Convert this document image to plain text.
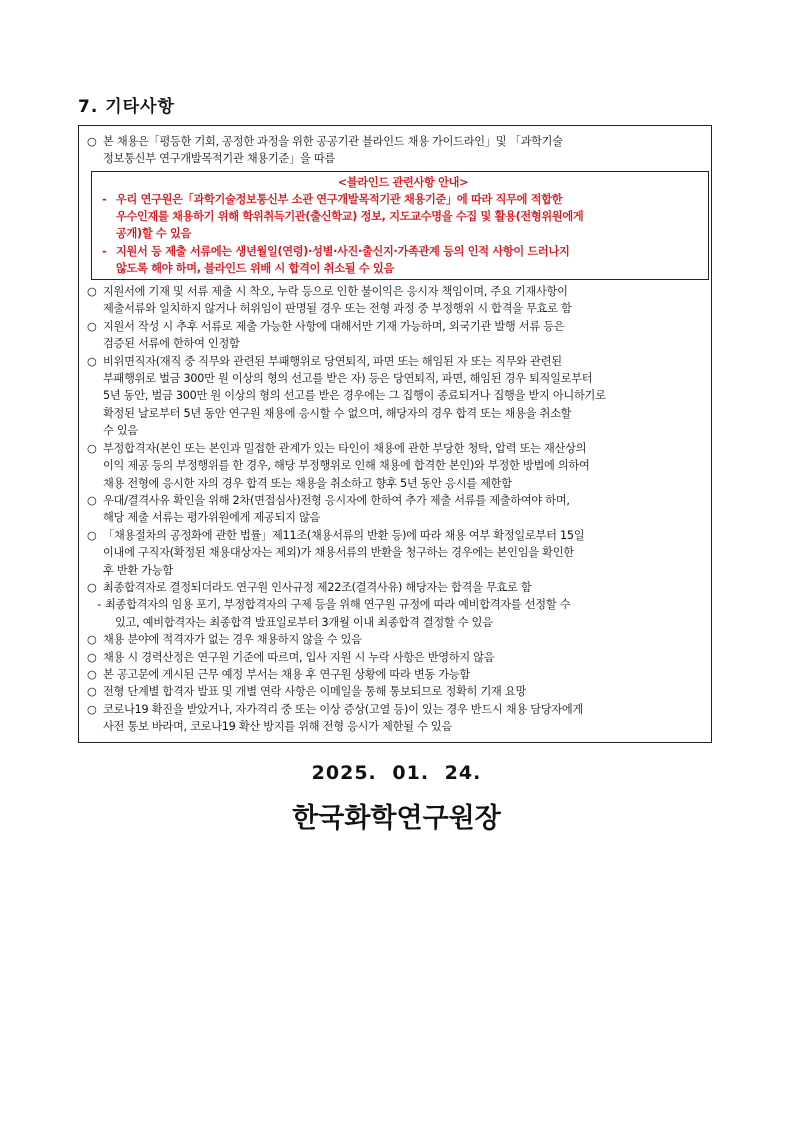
7. 기타사항
○ 본 채용은「평등한 기회, 공정한 과정을 위한 공공기관 블라인드 채용 가이드라인」및 「과학기술
정보통신부 연구개발목적기관 채용기준」을 따름
<블라인드 관련사항 안내>
- 우리 연구원은「과학기술정보통신부 소관 연구개발목적기관 채용기준」에 따라 직무에 적합한
우수인재를 채용하기 위해 학위취득기관(출신학교) 정보, 지도교수명을 수집 및 활용(전형위원에게
공개)할 수 있음
- 지원서 등 제출 서류에는 생년월일(연령)·성별·사진·출신지·가족관계 등의 인적 사항이 드러나지
않도록 해야 하며, 블라인드 위배 시 합격이 취소될 수 있음
○ 지원서에 기재 및 서류 제출 시 착오, 누락 등으로 인한 불이익은 응시자 책임이며, 주요 기재사항이
제출서류와 일치하지 않거나 허위임이 판명될 경우 또는 전형 과정 중 부정행위 시 합격을 무효로 함
○ 지원서 작성 시 추후 서류로 제출 가능한 사항에 대해서만 기재 가능하며, 외국기관 발행 서류 등은
검증된 서류에 한하여 인정함
○ 비위면직자(재직 중 직무와 관련된 부패행위로 당연퇴직, 파면 또는 해임된 자 또는 직무와 관련된
부패행위로 벌금 300만 원 이상의 형의 선고를 받은 자) 등은 당연퇴직, 파면, 해임된 경우 퇴직일로부터
5년 동안, 벌금 300만 원 이상의 형의 선고를 받은 경우에는 그 집행이 종료되거나 집행을 받지 아니하기로
확정된 날로부터 5년 동안 연구원 채용에 응시할 수 없으며, 해당자의 경우 합격 또는 채용을 취소할
수 있음
○ 부정합격자(본인 또는 본인과 밀접한 관계가 있는 타인이 채용에 관한 부당한 청탁, 압력 또는 재산상의
이익 제공 등의 부정행위를 한 경우, 해당 부정행위로 인해 채용에 합격한 본인)와 부정한 방법에 의하여
채용 전형에 응시한 자의 경우 합격 또는 채용을 취소하고 향후 5년 동안 응시를 제한함
○ 우대/결격사유 확인을 위해 2차(면접심사)전형 응시자에 한하여 추가 제출 서류를 제출하여야 하며,
해당 제출 서류는 평가위원에게 제공되지 않음
○ 「채용절차의 공정화에 관한 법률」제11조(채용서류의 반환 등)에 따라 채용 여부 확정일로부터 15일
이내에 구직자(확정된 채용대상자는 제외)가 채용서류의 반환을 청구하는 경우에는 본인임을 확인한
후 반환 가능함
○ 최종합격자로 결정되더라도 연구원 인사규정 제22조(결격사유) 해당자는 합격을 무효로 함
- 최종합격자의 임용 포기, 부정합격자의 구제 등을 위해 연구원 규정에 따라 예비합격자를 선정할 수
있고, 예비합격자는 최종합격 발표일로부터 3개월 이내 최종합격 결정할 수 있음
○ 채용 분야에 적격자가 없는 경우 채용하지 않을 수 있음
○ 채용 시 경력산정은 연구원 기준에 따르며, 입사 지원 시 누락 사항은 반영하지 않음
○ 본 공고문에 게시된 근무 예정 부서는 채용 후 연구원 상황에 따라 변동 가능함
○ 전형 단계별 합격자 발표 및 개별 연락 사항은 이메일을 통해 통보되므로 정확히 기재 요망
○ 코로나19 확진을 받았거나, 자가격리 중 또는 이상 증상(고열 등)이 있는 경우 반드시 채용 담당자에게
사전 통보 바라며, 코로나19 확산 방지를 위해 전형 응시가 제한될 수 있음
2025. 01. 24.
한국화학연구원장
